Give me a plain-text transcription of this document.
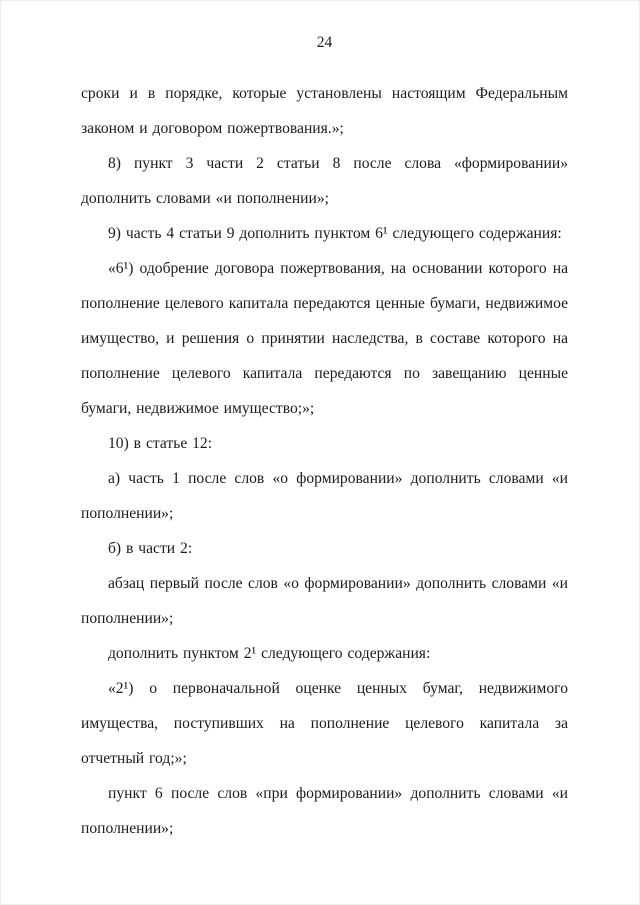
24

сроки и в порядке, которые установлены настоящим Федеральным законом и договором пожертвования.»;

8) пункт 3 части 2 статьи 8 после слова «формировании» дополнить словами «и пополнении»;

9) часть 4 статьи 9 дополнить пунктом 6¹ следующего содержания:

«6¹) одобрение договора пожертвования, на основании которого на пополнение целевого капитала передаются ценные бумаги, недвижимое имущество, и решения о принятии наследства, в составе которого на пополнение целевого капитала передаются по завещанию ценные бумаги, недвижимое имущество;»;

10) в статье 12:

а) часть 1 после слов «о формировании» дополнить словами «и пополнении»;

б) в части 2:

абзац первый после слов «о формировании» дополнить словами «и пополнении»;

дополнить пунктом 2¹ следующего содержания:

«2¹) о первоначальной оценке ценных бумаг, недвижимого имущества, поступивших на пополнение целевого капитала за отчетный год;»;

пункт 6 после слов «при формировании» дополнить словами «и пополнении»;
